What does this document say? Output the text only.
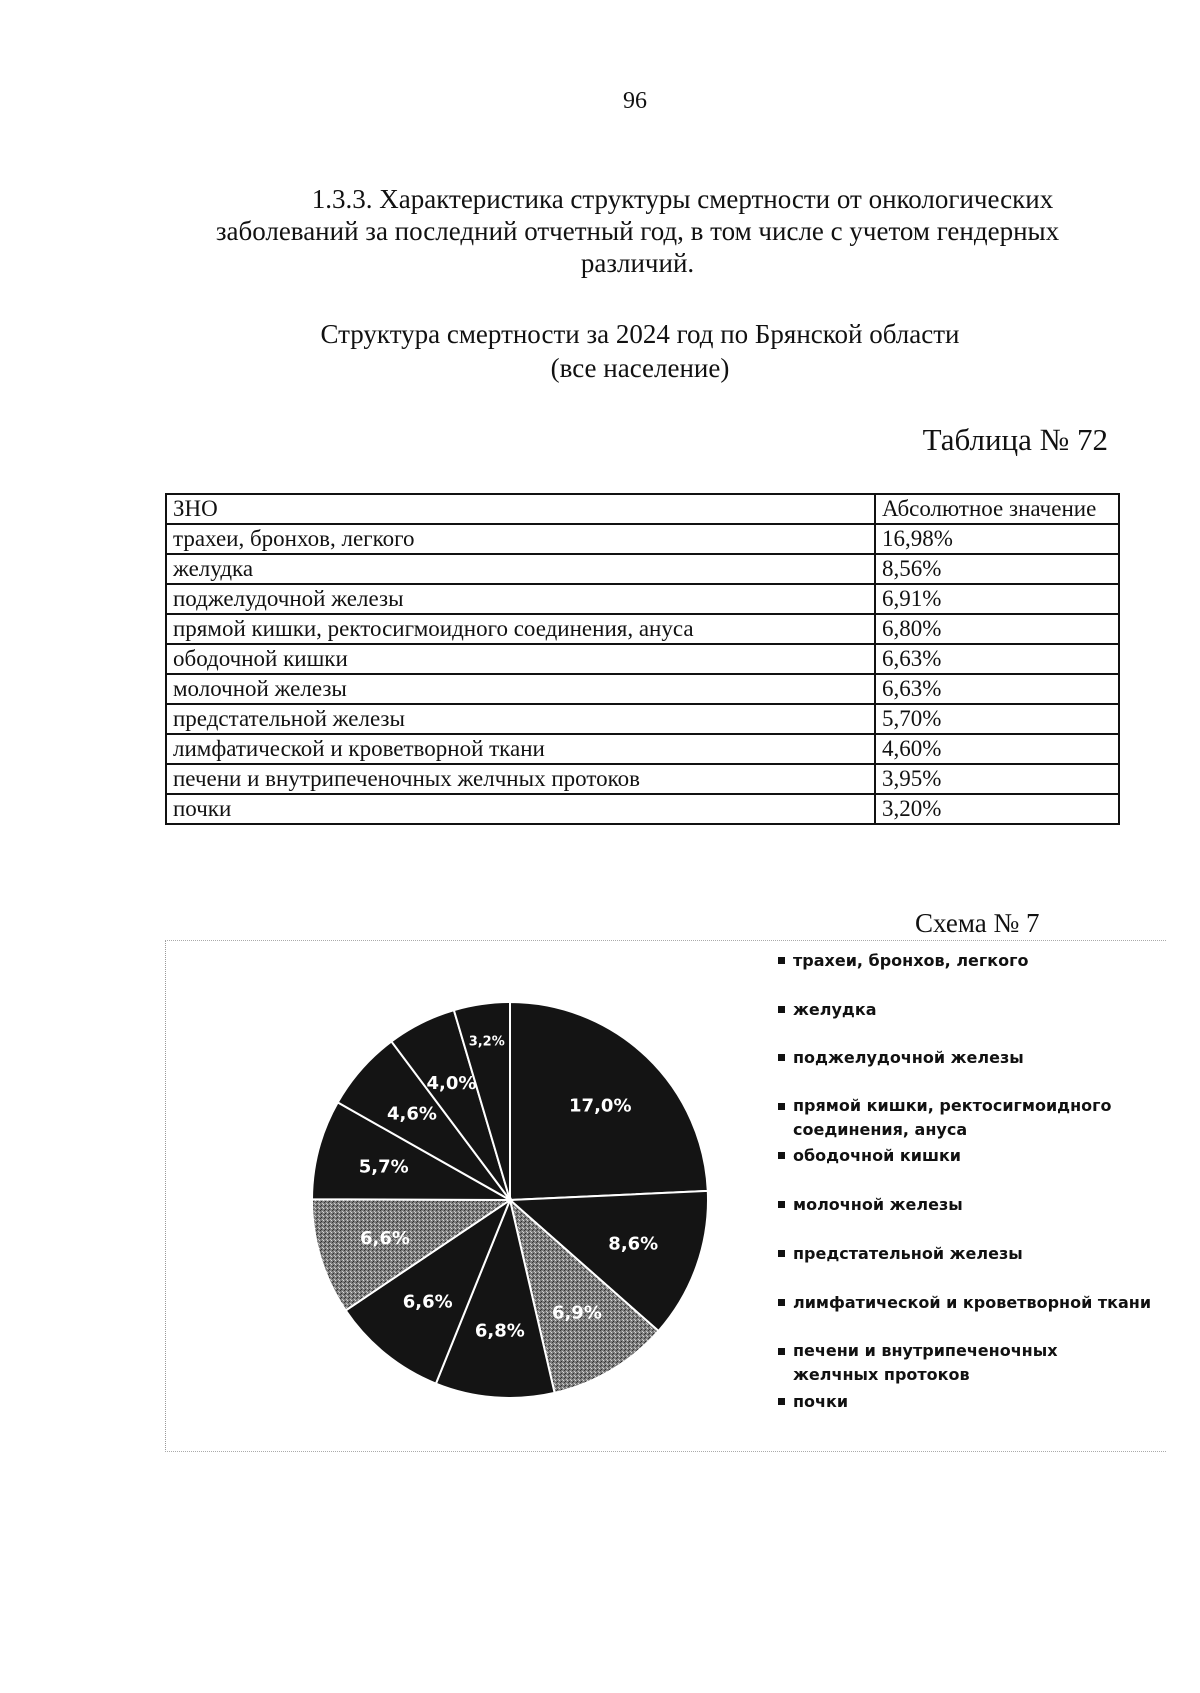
96
1.3.3. Характеристика структуры смертности от онкологических
заболеваний за последний отчетный год, в том числе с учетом гендерных
различий.
Структура смертности за 2024 год по Брянской области
(все население)
Таблица № 72
ЗНО	Абсолютное значение
трахеи, бронхов, легкого	16,98%
желудка	8,56%
поджелудочной железы	6,91%
прямой кишки, ректосигмоидного соединения, ануса	6,80%
ободочной кишки	6,63%
молочной железы	6,63%
предстательной железы	5,70%
лимфатической и кроветворной ткани	4,60%
печени и внутрипеченочных желчных протоков	3,95%
почки	3,20%
Схема № 7
17,0%
8,6%
6,9%
6,8%
6,6%
6,6%
5,7%
4,6%
4,0%
3,2%
трахеи, бронхов, легкого
желудка
поджелудочной железы
прямой кишки, ректосигмоидного соединения, ануса
ободочной кишки
молочной железы
предстательной железы
лимфатической и кроветворной ткани
печени и внутрипеченочных желчных протоков
почки
